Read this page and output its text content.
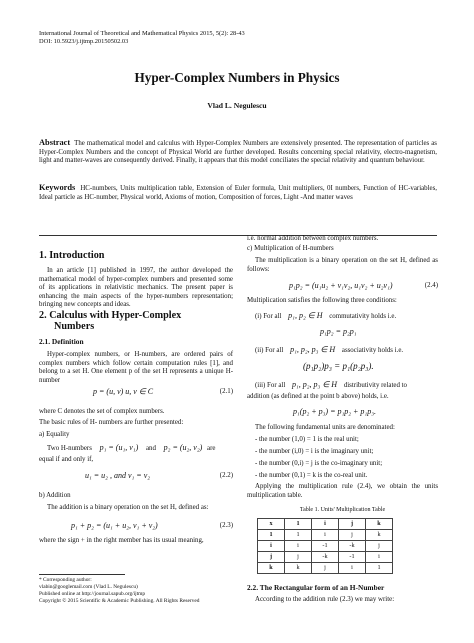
International Journal of Theoretical and Mathematical Physics 2015, 5(2): 28-43
DOI: 10.5923/j.ijtmp.20150502.03
Hyper-Complex Numbers in Physics
Vlad L. Negulescu
Abstract The mathematical model and calculus with Hyper-Complex Numbers are extensively presented. The representation of particles as Hyper-Complex Numbers and the concept of Physical World are further developed. Results concerning special relativity, electro-magnetism, light and matter-waves are consequently derived. Finally, it appears that this model conciliates the special relativity and quantum behaviour.
Keywords HC-numbers, Units multiplication table, Extension of Euler formula, Unit multipliers, 0I numbers, Function of HC-variables, Ideal particle as HC-number, Physical world, Axioms of motion, Composition of forces, Light -And matter waves
1. Introduction
In an article [1] published in 1997, the author developed the mathematical model of hyper-complex numbers and presented some of its applications in relativistic mechanics. The present paper is enhancing the main aspects of the hyper-numbers representation; bringing new concepts and ideas.
2. Calculus with Hyper-Complex
Numbers
2.1. Definition
Hyper-complex numbers, or H-numbers, are ordered pairs of complex numbers which follow certain computation rules [1], and belong to a set H. One element p of the set H represents a unique H-number
p = (u, v) u, v ∈ C	(2.1)
where C denotes the set of complex numbers.
The basic rules of H- numbers are further presented:
a) Equality
Two H-numbers p₁ = (u₁, v₁) and p₂ = (u₂, v₂) are
equal if and only if,
u₁ = u₂ , and v₁ = v₂	(2.2)
b) Addition
The addition is a binary operation on the set H, defined as:
p₁ + p₂ = (u₁ + u₂, v₁ + v₂)	(2.3)
where the sign + in the right member has its usual meaning,
i.e. normal addition between complex numbers.
c) Multiplication of H-numbers
The multiplication is a binary operation on the set H, defined as follows:
p₁p₂ = (u₁u₂ + v₁v₂, u₁v₂ + u₂v₁)	(2.4)
Multiplication satisfies the following three conditions:
(i) For all p₁, p₂ ∈ H commutativity holds i.e.
p₁p₂ = p₂p₁
(ii) For all p₁, p₂, p₃ ∈ H associativity holds i.e.
(p₁p₂)p₃ = p₁(p₂p₃).
(iii) For all p₁, p₂, p₃ ∈ H distributivity related to
addition (as defined at the point b above) holds, i.e.
p₁(p₂ + p₃) = p₁p₂ + p₁p₃.
The following fundamental units are denominated:
- the number (1,0) = 1 is the real unit;
- the number (i,0) = i is the imaginary unit;
- the number (0,i) = j is the co-imaginary unit;
- the number (0,1) = k is the co-real unit.
Applying the multiplication rule (2.4), we obtain the units multiplication table.
Table 1. Units' Multiplication Table
x	1	i	j	k
1	1	i	j	k
i	i	-1	-k	j
j	j	-k	-1	i
k	k	j	i	1
2.2. The Rectangular form of an H-Number
According to the addition rule (2.3) we may write:
* Corresponding author:
vlabin@googlemail.com (Vlad L. Negulescu)
Published online at http://journal.sapub.org/ijtmp
Copyright © 2015 Scientific & Academic Publishing. All Rights Reserved
